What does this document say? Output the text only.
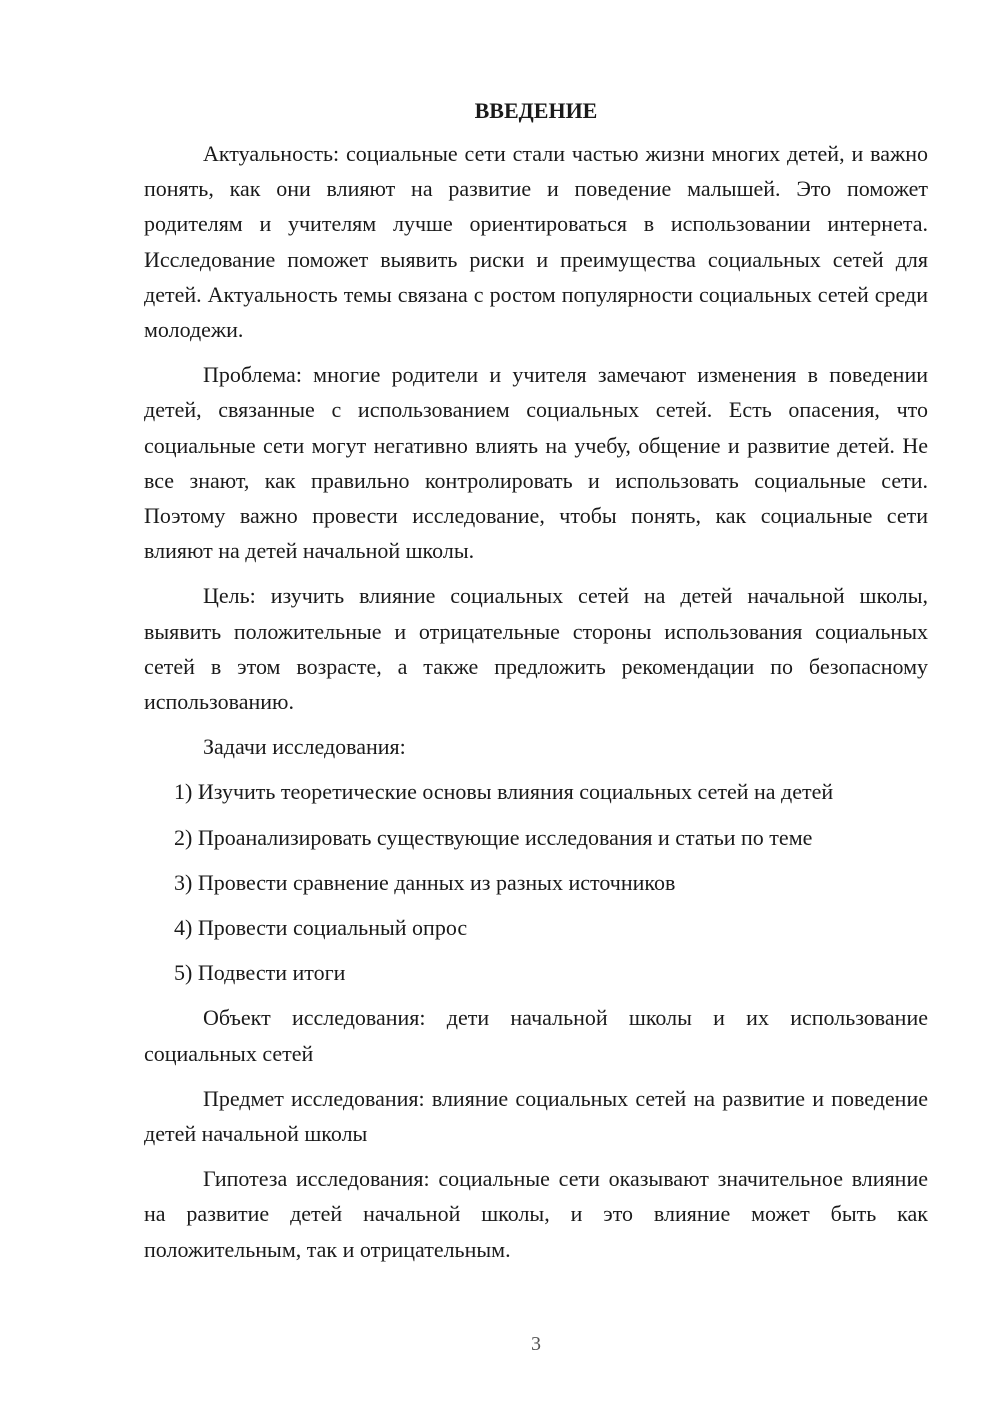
ВВЕДЕНИЕ

Актуальность: социальные сети стали частью жизни многих детей, и важно понять, как они влияют на развитие и поведение малышей. Это поможет родителям и учителям лучше ориентироваться в использовании интернета. Исследование поможет выявить риски и преимущества социальных сетей для детей. Актуальность темы связана с ростом популярности социальных сетей среди молодежи.

Проблема: многие родители и учителя замечают изменения в поведении детей, связанные с использованием социальных сетей. Есть опасения, что социальные сети могут негативно влиять на учебу, общение и развитие детей. Не все знают, как правильно контролировать и использовать социальные сети. Поэтому важно провести исследование, чтобы понять, как социальные сети влияют на детей начальной школы.

Цель: изучить влияние социальных сетей на детей начальной школы, выявить положительные и отрицательные стороны использования социальных сетей в этом возрасте, а также предложить рекомендации по безопасному использованию.

Задачи исследования:

1) Изучить теоретические основы влияния социальных сетей на детей
2) Проанализировать существующие исследования и статьи по теме
3) Провести сравнение данных из разных источников
4) Провести социальный опрос
5) Подвести итоги

Объект исследования: дети начальной школы и их использование социальных сетей

Предмет исследования: влияние социальных сетей на развитие и поведение детей начальной школы

Гипотеза исследования: социальные сети оказывают значительное влияние на развитие детей начальной школы, и это влияние может быть как положительным, так и отрицательным.

3
